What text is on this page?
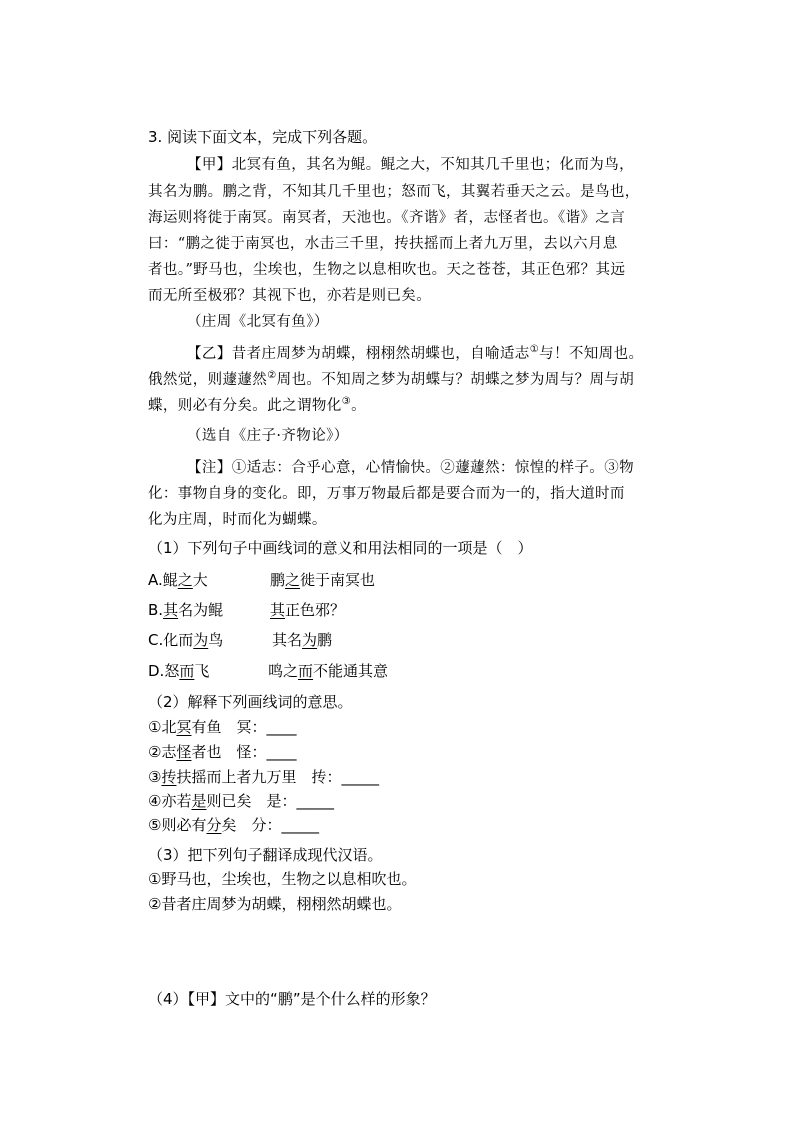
3. 阅读下面文本，完成下列各题。
【甲】北冥有鱼，其名为鲲。鲲之大，不知其几千里也；化而为鸟，
其名为鹏。鹏之背，不知其几千里也；怒而飞，其翼若垂天之云。是鸟也，
海运则将徙于南冥。南冥者，天池也。《齐谐》者，志怪者也。《谐》之言
曰：“鹏之徙于南冥也，水击三千里，抟扶摇而上者九万里，去以六月息
者也。”野马也，尘埃也，生物之以息相吹也。天之苍苍，其正色邪？其远
而无所至极邪？其视下也，亦若是则已矣。
（庄周《北冥有鱼》）
【乙】昔者庄周梦为胡蝶，栩栩然胡蝶也，自喻适志①与！不知周也。
俄然觉，则蘧蘧然②周也。不知周之梦为胡蝶与？胡蝶之梦为周与？周与胡
蝶，则必有分矣。此之谓物化③。
（选自《庄子·齐物论》）
【注】①适志：合乎心意，心情愉快。②蘧蘧然：惊惶的样子。③物
化：事物自身的变化。即，万事万物最后都是要合而为一的，指大道时而
化为庄周，时而化为蝴蝶。
（1）下列句子中画线词的意义和用法相同的一项是（　）
A.鲲之大	鹏之徙于南冥也
B.其名为鲲	其正色邪？
C.化而为鸟	其名为鹏
D.怒而飞	鸣之而不能通其意
（2）解释下列画线词的意思。
①北冥有鱼　冥：____
②志怪者也　怪：____
③抟扶摇而上者九万里　抟：_____
④亦若是则已矣　是：_____
⑤则必有分矣　分：_____
（3）把下列句子翻译成现代汉语。
①野马也，尘埃也，生物之以息相吹也。
②昔者庄周梦为胡蝶，栩栩然胡蝶也。
（4）【甲】文中的“鹏”是个什么样的形象？
